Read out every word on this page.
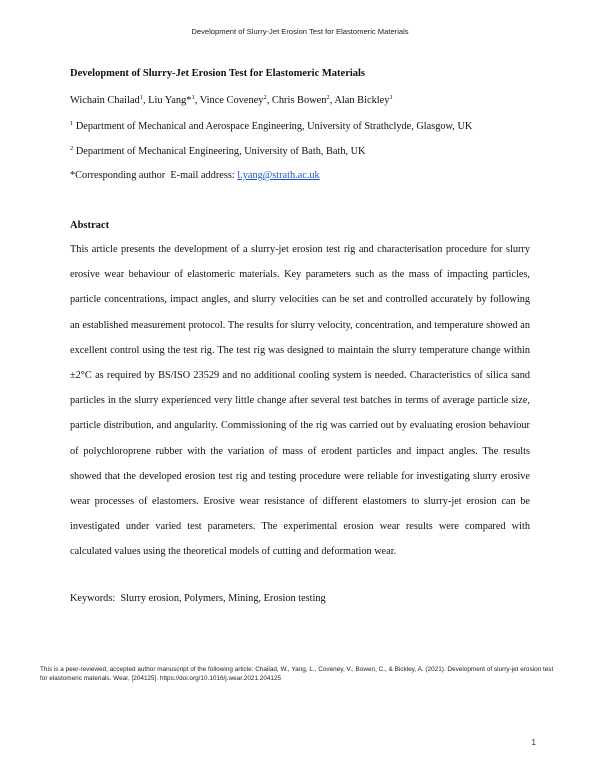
Development of Slurry-Jet Erosion Test for Elastomeric Materials
Development of Slurry-Jet Erosion Test for Elastomeric Materials
Wichain Chailad$^1$, Liu Yang*$^1$, Vince Coveney$^2$, Chris Bowen$^2$, Alan Bickley$^1$
$^1$ Department of Mechanical and Aerospace Engineering, University of Strathclyde, Glasgow, UK
$^2$ Department of Mechanical Engineering, University of Bath, Bath, UK
*Corresponding author  E-mail address: l.yang@strath.ac.uk
Abstract
This article presents the development of a slurry-jet erosion test rig and characterisation procedure for slurry erosive wear behaviour of elastomeric materials. Key parameters such as the mass of impacting particles, particle concentrations, impact angles, and slurry velocities can be set and controlled accurately by following an established measurement protocol. The results for slurry velocity, concentration, and temperature showed an excellent control using the test rig. The test rig was designed to maintain the slurry temperature change within ±2°C as required by BS/ISO 23529 and no additional cooling system is needed. Characteristics of silica sand particles in the slurry experienced very little change after several test batches in terms of average particle size, particle distribution, and angularity. Commissioning of the rig was carried out by evaluating erosion behaviour of polychloroprene rubber with the variation of mass of erodent particles and impact angles. The results showed that the developed erosion test rig and testing procedure were reliable for investigating slurry erosive wear processes of elastomers. Erosive wear resistance of different elastomers to slurry-jet erosion can be investigated under varied test parameters. The experimental erosion wear results were compared with calculated values using the theoretical models of cutting and deformation wear.
Keywords:  Slurry erosion, Polymers, Mining, Erosion testing
This is a peer-reviewed, accepted author manuscript of the following article: Chailad, W., Yang, L., Coveney, V., Bowen, C., & Bickley, A. (2021). Development of slurry-jet erosion test for elastomeric materials. Wear, [204125]. https://doi.org/10.1016/j.wear.2021.204125
1
